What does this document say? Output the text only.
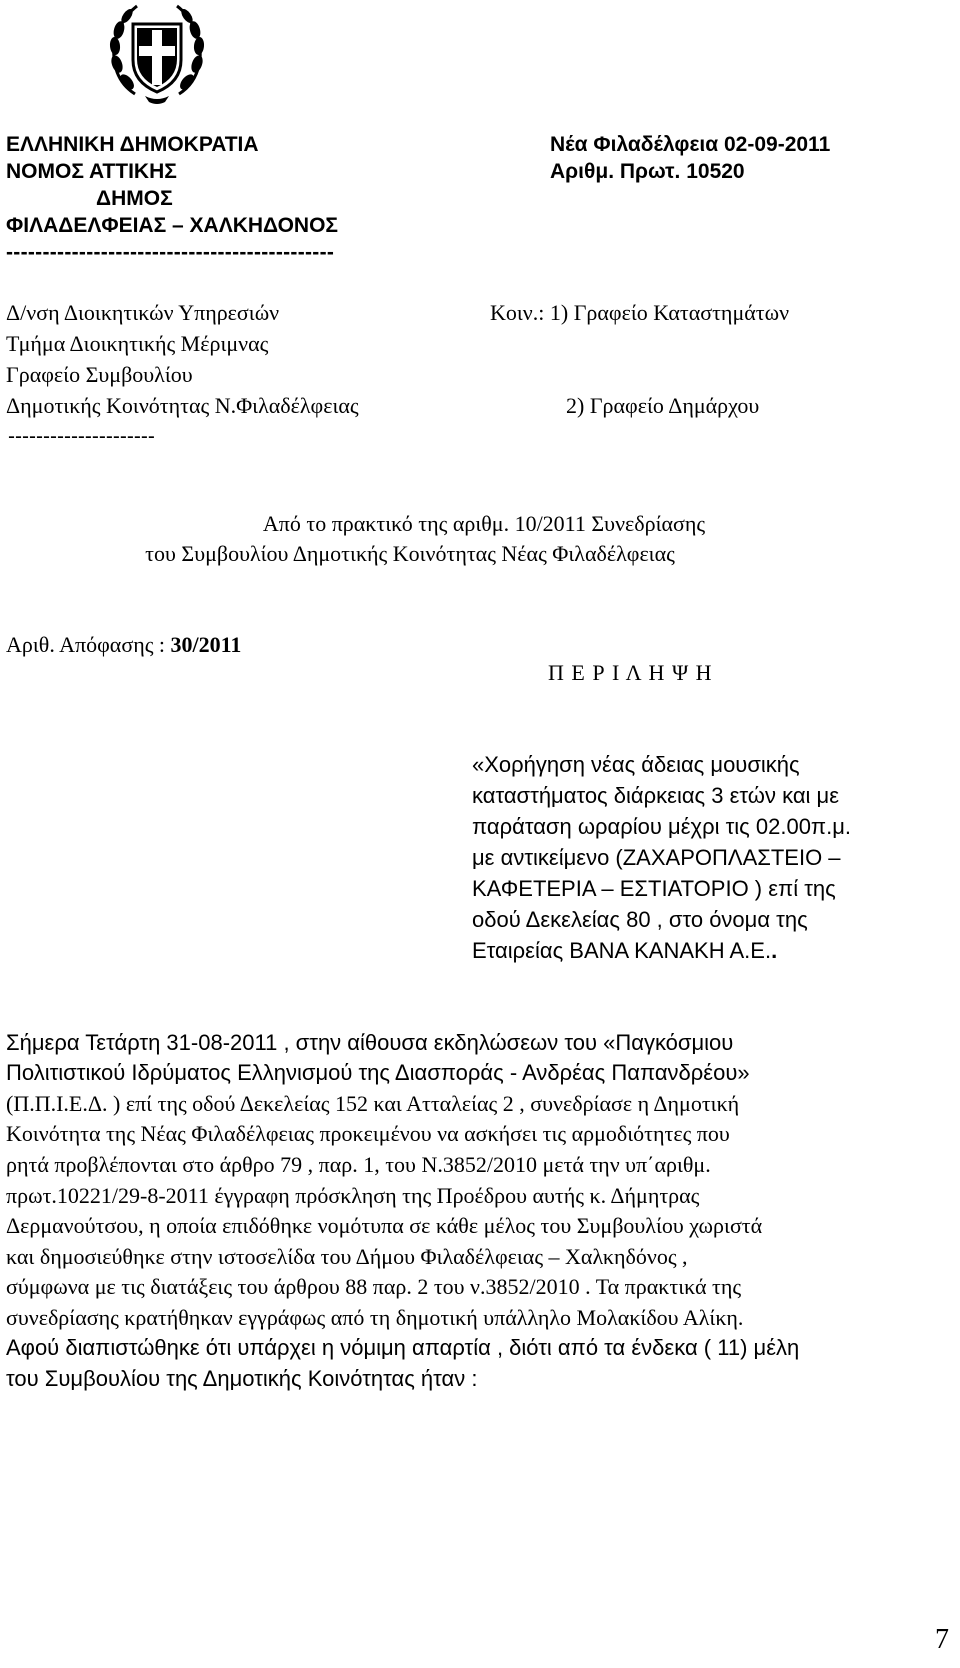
ΕΛΛΗΝΙΚΗ ΔΗΜΟΚΡΑΤΙΑ
ΝΟΜΟΣ ΑΤΤΙΚΗΣ
ΔΗΜΟΣ
ΦΙΛΑΔΕΛΦΕΙΑΣ – ΧΑΛΚΗΔΟΝΟΣ
---------------------------------------------
Νέα Φιλαδέλφεια 02-09-2011
Αριθμ. Πρωτ. 10520
Δ/νση Διοικητικών Υπηρεσιών
Τμήμα Διοικητικής Μέριμνας
Γραφείο Συμβουλίου
Δημοτικής Κοινότητας Ν.Φιλαδέλφειας
---------------------
Κοιν.: 1) Γραφείο Καταστημάτων
2) Γραφείο Δημάρχου
Από το πρακτικό της αριθμ. 10/2011 Συνεδρίασης
του Συμβουλίου Δημοτικής Κοινότητας Νέας Φιλαδέλφειας
Αριθ. Απόφασης : 30/2011
Π Ε Ρ Ι Λ Η Ψ Η
«Χορήγηση νέας άδειας μουσικής
καταστήματος διάρκειας 3 ετών και με
παράταση ωραρίου μέχρι τις 02.00π.μ.
με αντικείμενο (ΖΑΧΑΡΟΠΛΑΣΤΕΙΟ –
ΚΑΦΕΤΕΡΙΑ – ΕΣΤΙΑΤΟΡΙΟ ) επί της
οδού Δεκελείας 80 , στο όνομα της
Εταιρείας ΒΑΝΑ ΚΑΝΑΚΗ Α.Ε..
Σήμερα Τετάρτη 31-08-2011 , στην αίθουσα εκδηλώσεων του «Παγκόσμιου
Πολιτιστικού Ιδρύματος Ελληνισμού της Διασποράς - Ανδρέας Παπανδρέου»
(Π.Π.Ι.Ε.Δ. ) επί της οδού Δεκελείας 152 και Ατταλείας 2 , συνεδρίασε η Δημοτική
Κοινότητα της Νέας Φιλαδέλφειας προκειμένου να ασκήσει τις αρμοδιότητες που
ρητά προβλέπονται στο άρθρο 79 , παρ. 1, του Ν.3852/2010 μετά την υπ΄αριθμ.
πρωτ.10221/29-8-2011 έγγραφη πρόσκληση της Προέδρου αυτής κ. Δήμητρας
Δερμανούτσου, η οποία επιδόθηκε νομότυπα σε κάθε μέλος του Συμβουλίου χωριστά
και δημοσιεύθηκε στην ιστοσελίδα του Δήμου Φιλαδέλφειας – Χαλκηδόνος ,
σύμφωνα με τις διατάξεις του άρθρου 88 παρ. 2 του ν.3852/2010 . Τα πρακτικά της
συνεδρίασης κρατήθηκαν εγγράφως από τη δημοτική υπάλληλο Μολακίδου Αλίκη.
Αφού διαπιστώθηκε ότι υπάρχει η νόμιμη απαρτία , διότι από τα ένδεκα ( 11) μέλη
του Συμβουλίου της Δημοτικής Κοινότητας ήταν :
7
